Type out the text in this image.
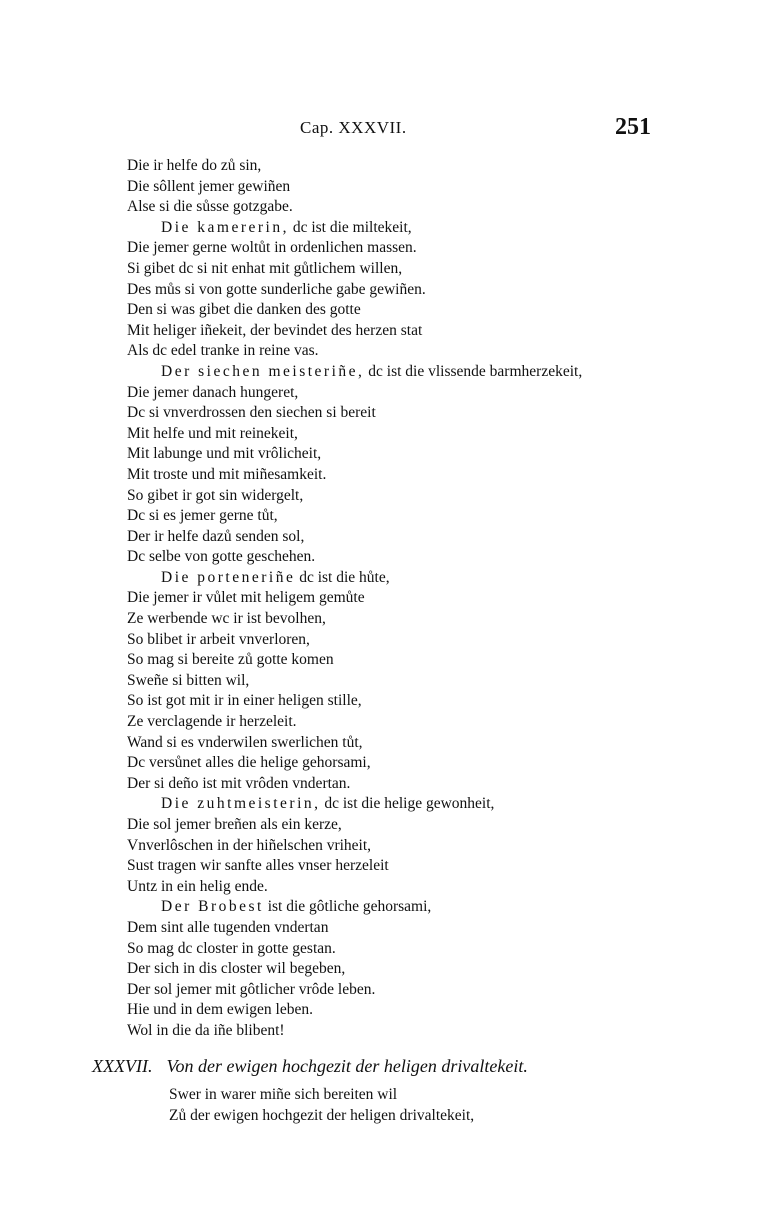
Cap. XXXVII.	251
Die ir helfe do zů sin,
Die sôllent jemer gewiñen
Alse si die sůsse gotzgabe.
Die kamererin, dc ist die miltekeit,
Die jemer gerne woltůt in ordenlichen massen.
Si gibet dc si nit enhat mit gůtlichem willen,
Des můs si von gotte sunderliche gabe gewiñen.
Den si was gibet die danken des gotte
Mit heliger iñekeit, der bevindet des herzen stat
Als dc edel tranke in reine vas.
Der siechen meisteriñe, dc ist die vlissende barmherzekeit,
Die jemer danach hungeret,
Dc si vnverdrossen den siechen si bereit
Mit helfe und mit reinekeit,
Mit labunge und mit vrôlicheit,
Mit troste und mit miñesamkeit.
So gibet ir got sin widergelt,
Dc si es jemer gerne tůt,
Der ir helfe dazů senden sol,
Dc selbe von gotte geschehen.
Die porteneriñe dc ist die hůte,
Die jemer ir vůlet mit heligem gemůte
Ze werbende wc ir ist bevolhen,
So blibet ir arbeit vnverloren,
So mag si bereite zů gotte komen
Sweñe si bitten wil,
So ist got mit ir in einer heligen stille,
Ze verclagende ir herzeleit.
Wand si es vnderwilen swerlichen tůt,
Dc versůnet alles die helige gehorsami,
Der si deño ist mit vrôden vndertan.
Die zuhtmeisterin, dc ist die helige gewonheit,
Die sol jemer breñen als ein kerze,
Vnverlôschen in der hiñelschen vriheit,
Sust tragen wir sanfte alles vnser herzeleit
Untz in ein helig ende.
Der Brobest ist die gôtliche gehorsami,
Dem sint alle tugenden vndertan
So mag dc closter in gotte gestan.
Der sich in dis closter wil begeben,
Der sol jemer mit gôtlicher vrôde leben.
Hie und in dem ewigen leben.
Wol in die da iñe blibent!
XXXVII. Von der ewigen hochgezit der heligen drivaltekeit.
Swer in warer miñe sich bereiten wil
Zů der ewigen hochgezit der heligen drivaltekeit,
